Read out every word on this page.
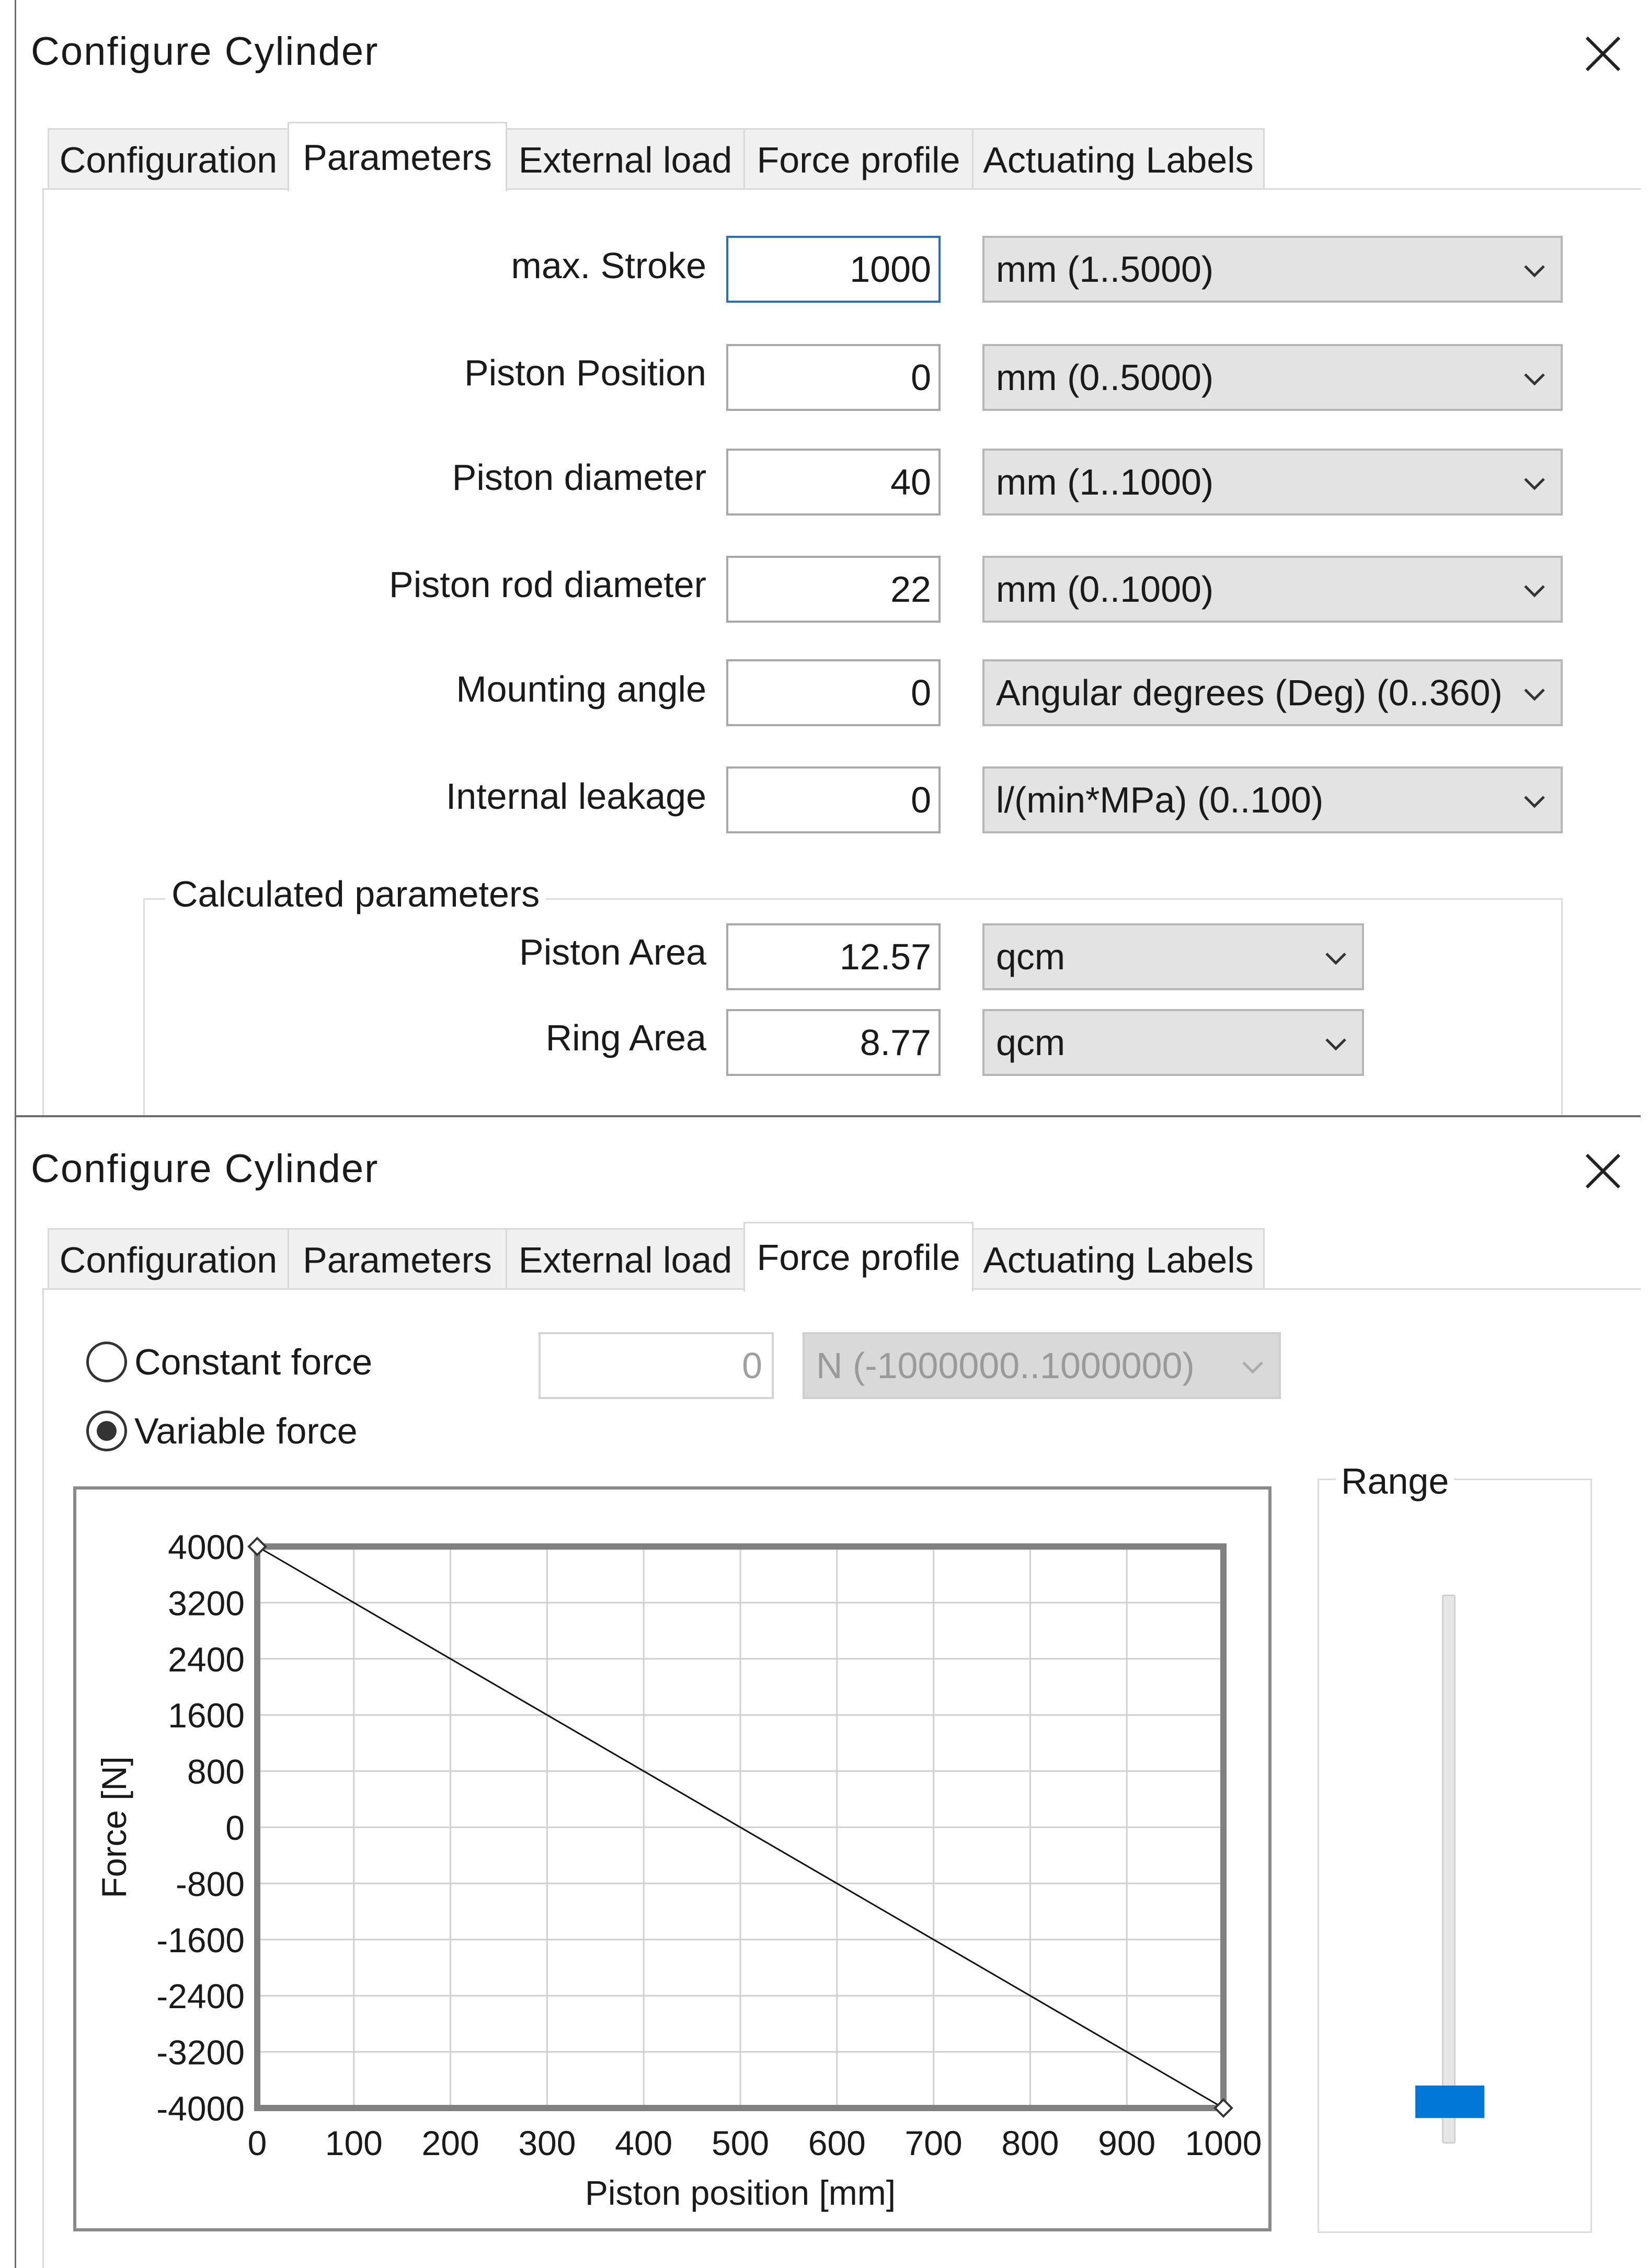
Configure Cylinder
Configuration Parameters External load Force profile Actuating Labels
max. Stroke	1000 mm (1..5000)
Piston Position	0 mm (0..5000)
Piston diameter	40 mm (1..1000)
Piston rod diameter	22 mm (0..1000)
Mounting angle	0 Angular degrees (Deg) (0..360)
Internal leakage	0 l/(min*MPa) (0..100)
Calculated parameters
Piston Area	12.57 qcm
Ring Area	8.77 qcm
Configure Cylinder
Configuration Parameters External load Force profile Actuating Labels
Constant force
Variable force
0	N (-1000000..1000000)
4000
3200
2400
1600
800
0
-800
-1600
-2400
-3200
-4000
0 100 200 300 400 500 600 700 800 900 1000
Piston position [mm]
Force [N]
Range
